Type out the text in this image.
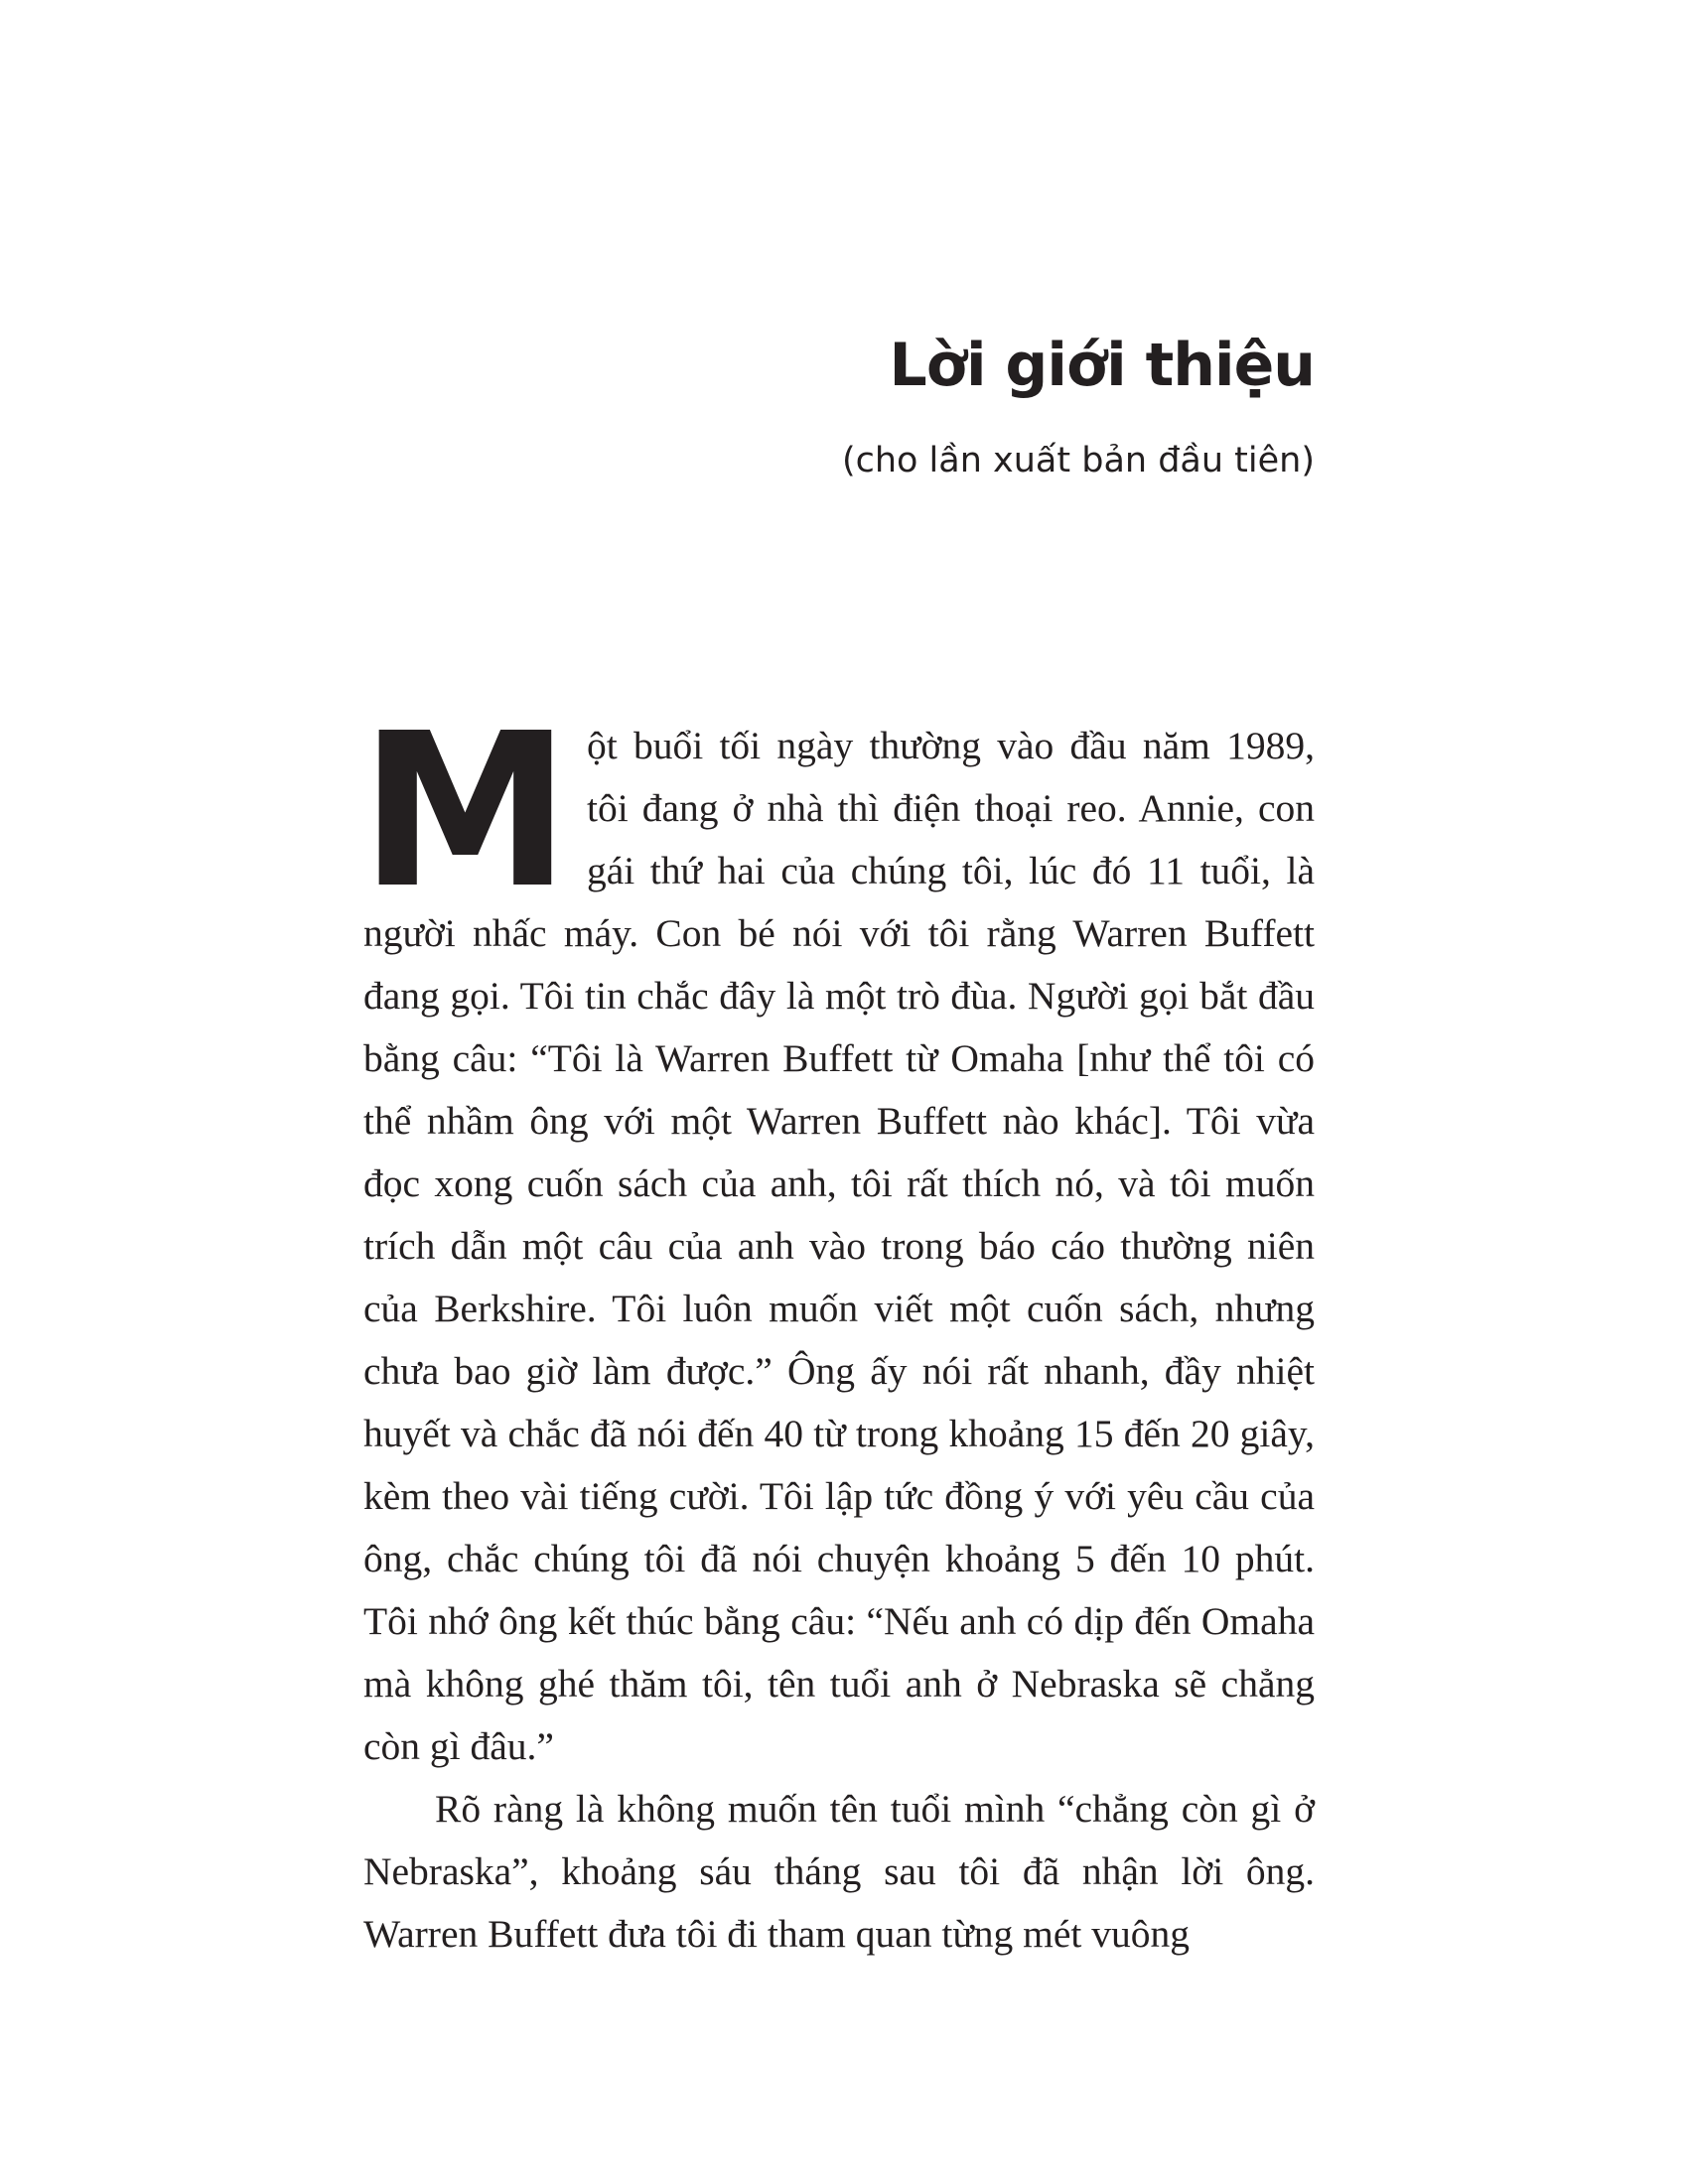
Lời giới thiệu
(cho lần xuất bản đầu tiên)

Một buổi tối ngày thường vào đầu năm 1989, tôi đang ở nhà thì điện thoại reo. Annie, con gái thứ hai của chúng tôi, lúc đó 11 tuổi, là người nhấc máy. Con bé nói với tôi rằng Warren Buffett đang gọi. Tôi tin chắc đây là một trò đùa. Người gọi bắt đầu bằng câu: “Tôi là Warren Buffett từ Omaha [như thể tôi có thể nhầm ông với một Warren Buffett nào khác]. Tôi vừa đọc xong cuốn sách của anh, tôi rất thích nó, và tôi muốn trích dẫn một câu của anh vào trong báo cáo thường niên của Berkshire. Tôi luôn muốn viết một cuốn sách, nhưng chưa bao giờ làm được.” Ông ấy nói rất nhanh, đầy nhiệt huyết và chắc đã nói đến 40 từ trong khoảng 15 đến 20 giây, kèm theo vài tiếng cười. Tôi lập tức đồng ý với yêu cầu của ông, chắc chúng tôi đã nói chuyện khoảng 5 đến 10 phút. Tôi nhớ ông kết thúc bằng câu: “Nếu anh có dịp đến Omaha mà không ghé thăm tôi, tên tuổi anh ở Nebraska sẽ chẳng còn gì đâu.”

Rõ ràng là không muốn tên tuổi mình “chẳng còn gì ở Nebraska”, khoảng sáu tháng sau tôi đã nhận lời ông. Warren Buffett đưa tôi đi tham quan từng mét vuông
